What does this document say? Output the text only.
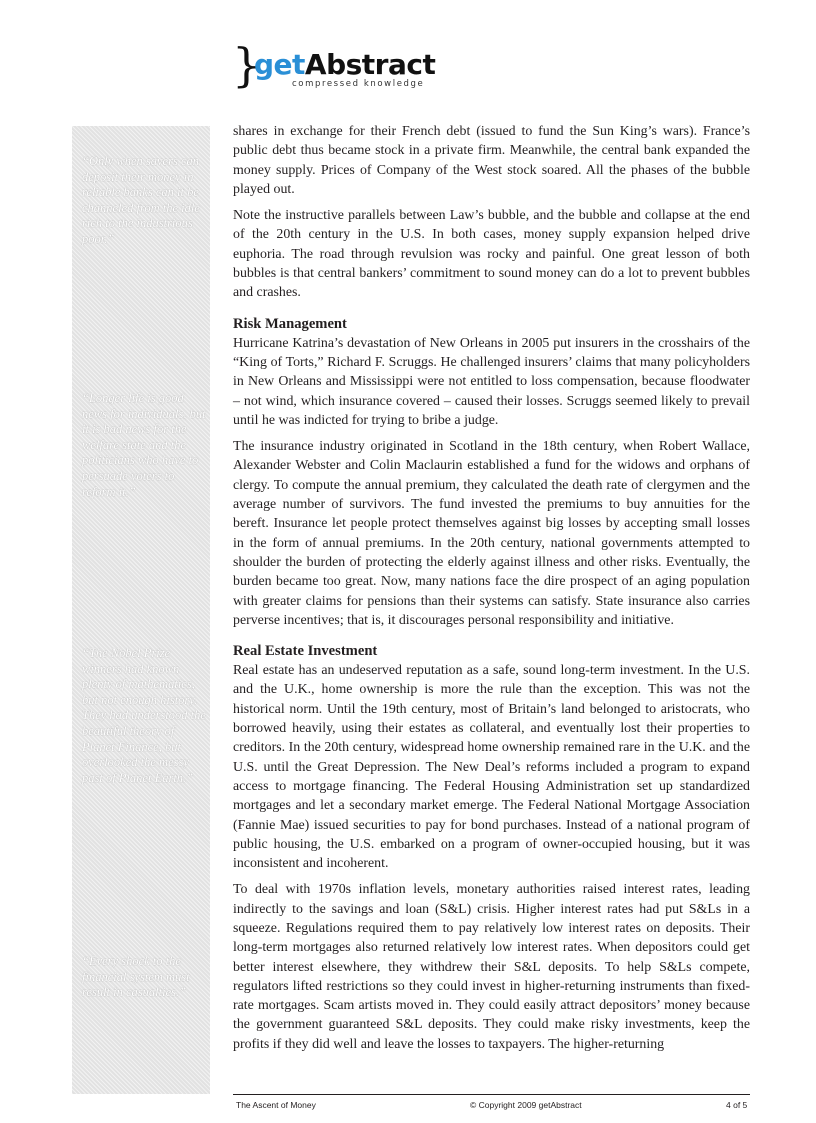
}
getAbstract
compressed knowledge
“Only when savers can deposit their money in reliable banks can it be channeled from the idle rich to the industrious poor.”
“Longer life is good news for individuals, but it is bad news for the welfare state and the politicians who have to persuade voters to reform it.”
“The Nobel Prize winners had known plenty of mathematics, but not enough history. They had understood the beautiful theory of Planet Finance, but overlooked the messy past of Planet Earth.”
“Every shock to the financial system must result in casualties.”

shares in exchange for their French debt (issued to fund the Sun King’s wars). France’s public debt thus became stock in a private firm. Meanwhile, the central bank expanded the money supply. Prices of Company of the West stock soared. All the phases of the bubble played out.

Note the instructive parallels between Law’s bubble, and the bubble and collapse at the end of the 20th century in the U.S. In both cases, money supply expansion helped drive euphoria. The road through revulsion was rocky and painful. One great lesson of both bubbles is that central bankers’ commitment to sound money can do a lot to prevent bubbles and crashes.

Risk Management

Hurricane Katrina’s devastation of New Orleans in 2005 put insurers in the crosshairs of the “King of Torts,” Richard F. Scruggs. He challenged insurers’ claims that many policyholders in New Orleans and Mississippi were not entitled to loss compensation, because floodwater – not wind, which insurance covered – caused their losses. Scruggs seemed likely to prevail until he was indicted for trying to bribe a judge.

The insurance industry originated in Scotland in the 18th century, when Robert Wallace, Alexander Webster and Colin Maclaurin established a fund for the widows and orphans of clergy. To compute the annual premium, they calculated the death rate of clergymen and the average number of survivors. The fund invested the premiums to buy annuities for the bereft. Insurance let people protect themselves against big losses by accepting small losses in the form of annual premiums. In the 20th century, national governments attempted to shoulder the burden of protecting the elderly against illness and other risks. Eventually, the burden became too great. Now, many nations face the dire prospect of an aging population with greater claims for pensions than their systems can satisfy. State insurance also carries perverse incentives; that is, it discourages personal responsibility and initiative.

Real Estate Investment

Real estate has an undeserved reputation as a safe, sound long-term investment. In the U.S. and the U.K., home ownership is more the rule than the exception. This was not the historical norm. Until the 19th century, most of Britain’s land belonged to aristocrats, who borrowed heavily, using their estates as collateral, and eventually lost their properties to creditors. In the 20th century, widespread home ownership remained rare in the U.K. and the U.S. until the Great Depression. The New Deal’s reforms included a program to expand access to mortgage financing. The Federal Housing Administration set up standardized mortgages and let a secondary market emerge. The Federal National Mortgage Association (Fannie Mae) issued securities to pay for bond purchases. Instead of a national program of public housing, the U.S. embarked on a program of owner-occupied housing, but it was inconsistent and incoherent.

To deal with 1970s inflation levels, monetary authorities raised interest rates, leading indirectly to the savings and loan (S&L) crisis. Higher interest rates had put S&Ls in a squeeze. Regulations required them to pay relatively low interest rates on deposits. Their long-term mortgages also returned relatively low interest rates. When depositors could get better interest elsewhere, they withdrew their S&L deposits. To help S&Ls compete, regulators lifted restrictions so they could invest in higher-returning instruments than fixed-rate mortgages. Scam artists moved in. They could easily attract depositors’ money because the government guaranteed S&L deposits. They could make risky investments, keep the profits if they did well and leave the losses to taxpayers. The higher-returning

The Ascent of Money	© Copyright 2009 getAbstract	4 of 5
